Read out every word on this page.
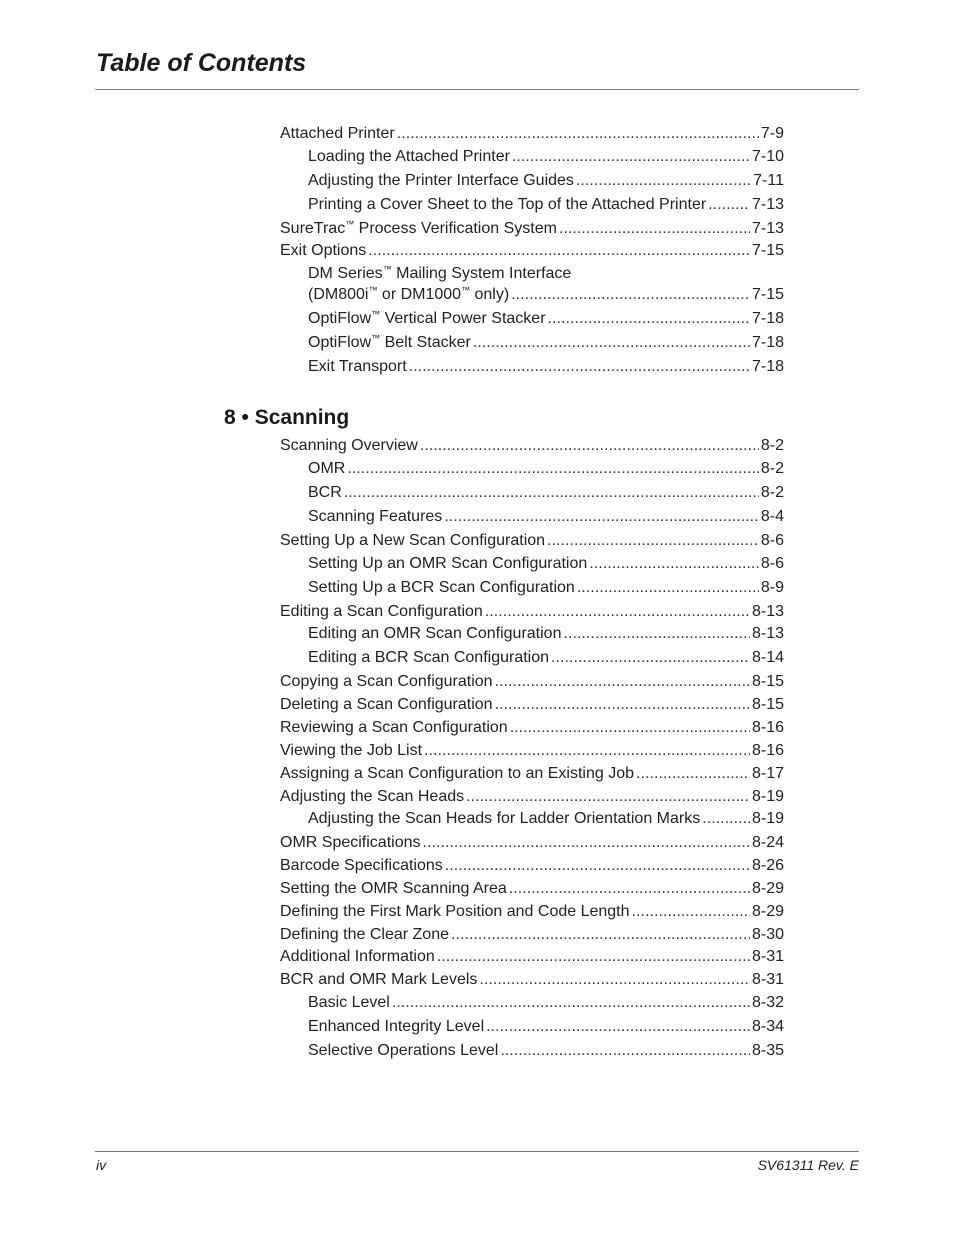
Table of Contents
Attached Printer . . .	7-9
Loading the Attached Printer . . .	7-10
Adjusting the Printer Interface Guides . . .	7-11
Printing a Cover Sheet to the Top of the Attached Printer . . .	7-13
SureTrac™ Process Verification System . . .	7-13
Exit Options . . .	7-15
DM Series™ Mailing System Interface
(DM800i™ or DM1000™ only) . . .	7-15
OptiFlow™ Vertical Power Stacker . . .	7-18
OptiFlow™ Belt Stacker . . .	7-18
Exit Transport . . .	7-18
8 • Scanning
Scanning Overview . . .	8-2
OMR . . .	8-2
BCR . . .	8-2
Scanning Features . . .	8-4
Setting Up a New Scan Configuration . . .	8-6
Setting Up an OMR Scan Configuration . . .	8-6
Setting Up a BCR Scan Configuration . . .	8-9
Editing a Scan Configuration . . .	8-13
Editing an OMR Scan Configuration . . .	8-13
Editing a BCR Scan Configuration . . .	8-14
Copying a Scan Configuration . . .	8-15
Deleting a Scan Configuration . . .	8-15
Reviewing a Scan Configuration . . .	8-16
Viewing the Job List . . .	8-16
Assigning a Scan Configuration to an Existing Job . . .	8-17
Adjusting the Scan Heads . . .	8-19
Adjusting the Scan Heads for Ladder Orientation Marks . . .	8-19
OMR Specifications . . .	8-24
Barcode Specifications . . .	8-26
Setting the OMR Scanning Area . . .	8-29
Defining the First Mark Position and Code Length . . .	8-29
Defining the Clear Zone . . .	8-30
Additional Information . . .	8-31
BCR and OMR Mark Levels . . .	8-31
Basic Level . . .	8-32
Enhanced Integrity Level . . .	8-34
Selective Operations Level . . .	8-35
iv	SV61311 Rev. E
